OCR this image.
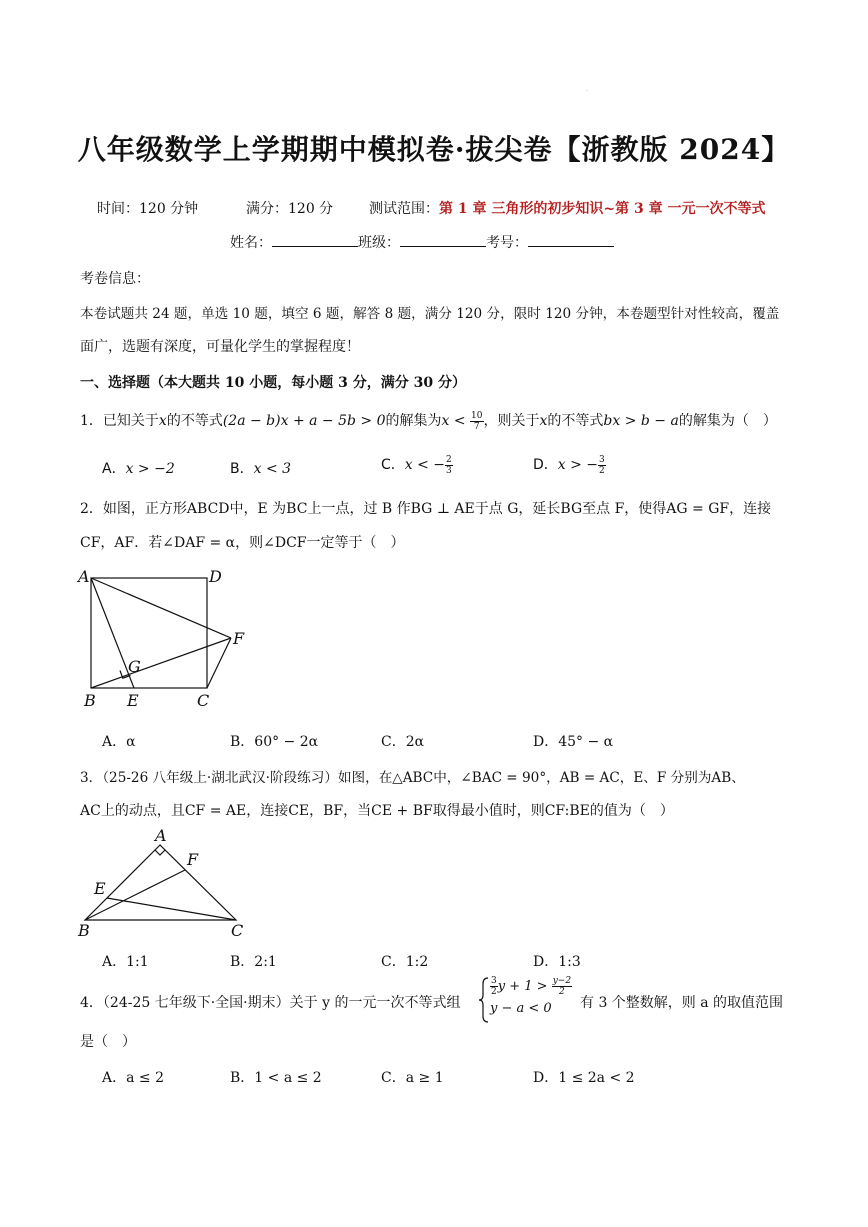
.
八年级数学上学期期中模拟卷·拔尖卷【浙教版 2024】
时间：120 分钟	满分：120 分	测试范围：第 1 章 三角形的初步知识~第 3 章 一元一次不等式
姓名：	班级：	考号：
考卷信息：
本卷试题共 24 题，单选 10 题，填空 6 题，解答 8 题，满分 120 分，限时 120 分钟，本卷题型针对性较高，覆盖
面广，选题有深度，可量化学生的掌握程度！
一、选择题（本大题共 10 小题，每小题 3 分，满分 30 分）
1．已知关于x的不等式(2a − b)x + a − 5b > 0的解集为$x < \frac{10}{7}$ ，则关于x的不等式bx > b − a的解集为（　）
A．x > −2	B．x < 3	C．x < − $\frac{2}{3}$	D．x > − $\frac{3}{2}$
2．如图，正方形ABCD中，E 为BC上一点，过 B 作BG ⊥ AE于点 G，延长BG至点 F，使得AG = GF，连接
CF，AF．若∠DAF = α，则∠DCF一定等于（　）
A	D
F
G
B E	C
A．α	B．60° − 2α	C．2α	D．45° − α
3．（25-26 八年级上·湖北武汉·阶段练习）如图，在△ABC中，∠BAC = 90°，AB = AC，E、F 分别为AB、
AC上的动点，且CF = AE，连接CE，BF，当CE + BF取得最小值时，则CF:BE的值为（　）
A
F
E
B	C
A．1:1	B．2:1	C．1:2	D．1:3
4．（24-25 七年级下·全国·期末）关于 y 的一元一次不等式组
$\frac{3}{2}$ $y + 1 > \frac{y-2}{2}$
y − a < 0	有 3 个整数解，则 a 的取值范围
是（　）
A．a ≤ 2	B．1 < a ≤ 2	C．a ≥ 1	D．1 ≤ 2a < 2
